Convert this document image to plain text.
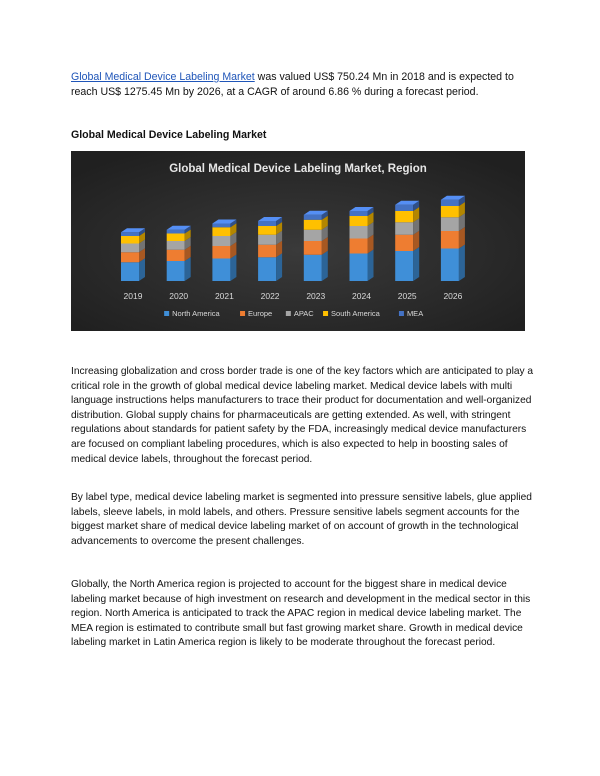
Global Medical Device Labeling Market was valued US$ 750.24 Mn in 2018 and is expected to reach US$ 1275.45 Mn by 2026, at a CAGR of around 6.86 % during a forecast period.

Global Medical Device Labeling Market
Global Medical Device Labeling Market, Region
2019	2020	2021	2022	2023	2024	2025	2026
North America	Europe	APAC South America	MEA

Increasing globalization and cross border trade is one of the key factors which are anticipated to play a critical role in the growth of global medical device labeling market. Medical device labels with multi language instructions helps manufacturers to trace their product for documentation and well-organized distribution. Global supply chains for pharmaceuticals are getting extended. As well, with stringent regulations about standards for patient safety by the FDA, increasingly medical device manufacturers are focused on compliant labeling procedures, which is also expected to help in boosting sales of medical device labels, throughout the forecast period.

By label type, medical device labeling market is segmented into pressure sensitive labels, glue applied labels, sleeve labels, in mold labels, and others. Pressure sensitive labels segment accounts for the biggest market share of medical device labeling market of on account of growth in the technological advancements to overcome the present challenges.

Globally, the North America region is projected to account for the biggest share in medical device labeling market because of high investment on research and development in the medical sector in this region. North America is anticipated to track the APAC region in medical device labeling market. The MEA region is estimated to contribute small but fast growing market share. Growth in medical device labeling market in Latin America region is likely to be moderate throughout the forecast period.
